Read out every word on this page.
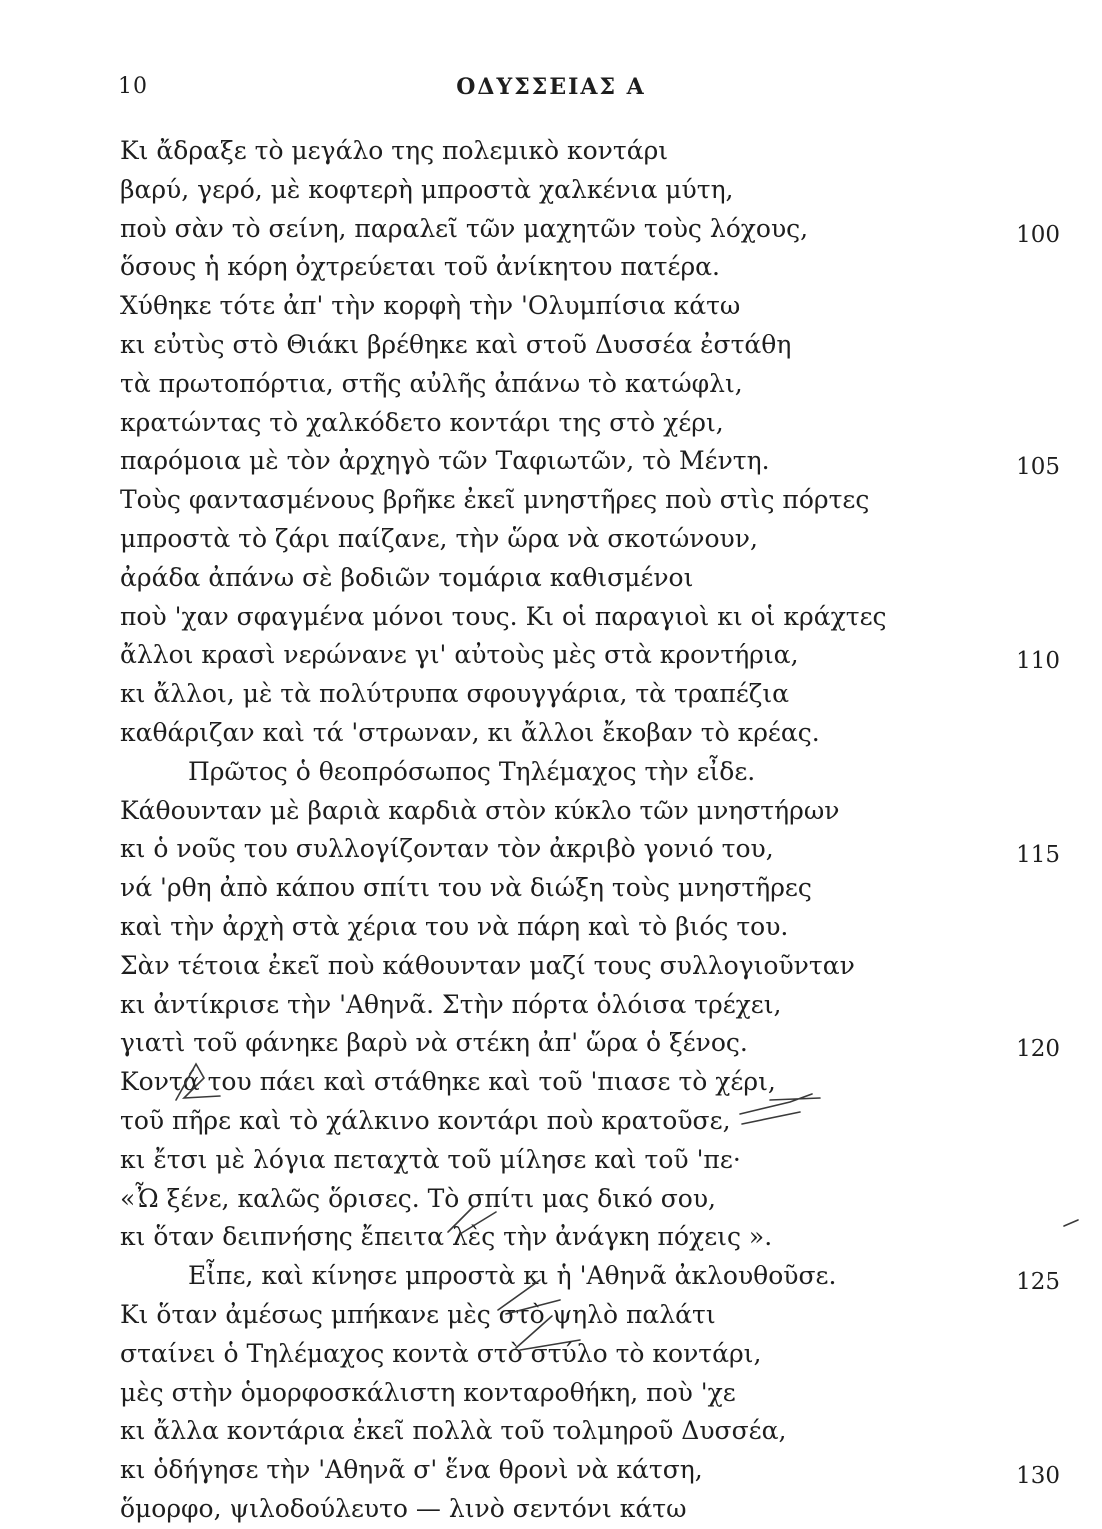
10	ΟΔΥΣΣΕΙΑΣ Α
Κι ἄδραξε τὸ μεγάλο της πολεμικὸ κοντάρι
βαρύ, γερό, μὲ κοφτερὴ μπροστὰ χαλκένια μύτη,
ποὺ σὰν τὸ σείνη, παραλεῖ τῶν μαχητῶν τοὺς λόχους,	100
ὅσους ἡ κόρη ὀχτρεύεται τοῦ ἀνίκητου πατέρα.
Χύθηκε τότε ἀπ' τὴν κορφὴ τὴν 'Ολυμπίσια κάτω
κι εὐτὺς στὸ Θιάκι βρέθηκε καὶ στοῦ Δυσσέα ἐστάθη
τὰ πρωτοπόρτια, στῆς αὐλῆς ἀπάνω τὸ κατώφλι,
κρατώντας τὸ χαλκόδετο κοντάρι της στὸ χέρι,
παρόμοια μὲ τὸν ἀρχηγὸ τῶν Ταφιωτῶν, τὸ Μέντη.	105
Τοὺς φαντασμένους βρῆκε ἐκεῖ μνηστῆρες ποὺ στὶς πόρτες
μπροστὰ τὸ ζάρι παίζανε, τὴν ὥρα νὰ σκοτώνουν,
ἀράδα ἀπάνω σὲ βοδιῶν τομάρια καθισμένοι
ποὺ 'χαν σφαγμένα μόνοι τους. Κι οἱ παραγιοὶ κι οἱ κράχτες
ἄλλοι κρασὶ νερώνανε γι' αὐτοὺς μὲς στὰ κροντήρια,	110
κι ἄλλοι, μὲ τὰ πολύτρυπα σφουγγάρια, τὰ τραπέζια
καθάριζαν καὶ τά 'στρωναν, κι ἄλλοι ἔκοβαν τὸ κρέας.
Πρῶτος ὁ θεοπρόσωπος Τηλέμαχος τὴν εἶδε.
Κάθουνταν μὲ βαριὰ καρδιὰ στὸν κύκλο τῶν μνηστήρων
κι ὁ νοῦς του συλλογίζονταν τὸν ἀκριβὸ γονιό του,	115
νά 'ρθη ἀπὸ κάπου σπίτι του νὰ διώξη τοὺς μνηστῆρες
καὶ τὴν ἀρχὴ στὰ χέρια του νὰ πάρη καὶ τὸ βιός του.
Σὰν τέτοια ἐκεῖ ποὺ κάθουνταν μαζί τους συλλογιοῦνταν
κι ἀντίκρισε τὴν 'Αθηνᾶ. Στὴν πόρτα ὁλόισα τρέχει,
γιατὶ τοῦ φάνηκε βαρὺ νὰ στέκη ἀπ' ὥρα ὁ ξένος.	120
Κοντά του πάει καὶ στάθηκε καὶ τοῦ 'πιασε τὸ χέρι,
τοῦ πῆρε καὶ τὸ χάλκινο κοντάρι ποὺ κρατοῦσε,
κι ἔτσι μὲ λόγια πεταχτὰ τοῦ μίλησε καὶ τοῦ 'πε·
«Ὦ ξένε, καλῶς ὅρισες. Τὸ σπίτι μας δικό σου,
κι ὅταν δειπνήσης ἔπειτα λὲς τὴν ἀνάγκη πόχεις ».
Εἶπε, καὶ κίνησε μπροστὰ κι ἡ 'Αθηνᾶ ἀκλουθοῦσε.	125
Κι ὅταν ἀμέσως μπήκανε μὲς στὸ ψηλὸ παλάτι
σταίνει ὁ Τηλέμαχος κοντὰ στὸ στύλο τὸ κοντάρι,
μὲς στὴν ὁμορφοσκάλιστη κονταροθήκη, ποὺ 'χε
κι ἄλλα κοντάρια ἐκεῖ πολλὰ τοῦ τολμηροῦ Δυσσέα,
κι ὁδήγησε τὴν 'Αθηνᾶ σ' ἕνα θρονὶ νὰ κάτση,	130
ὅμορφο, ψιλοδούλευτο — λινὸ σεντόνι κάτω
